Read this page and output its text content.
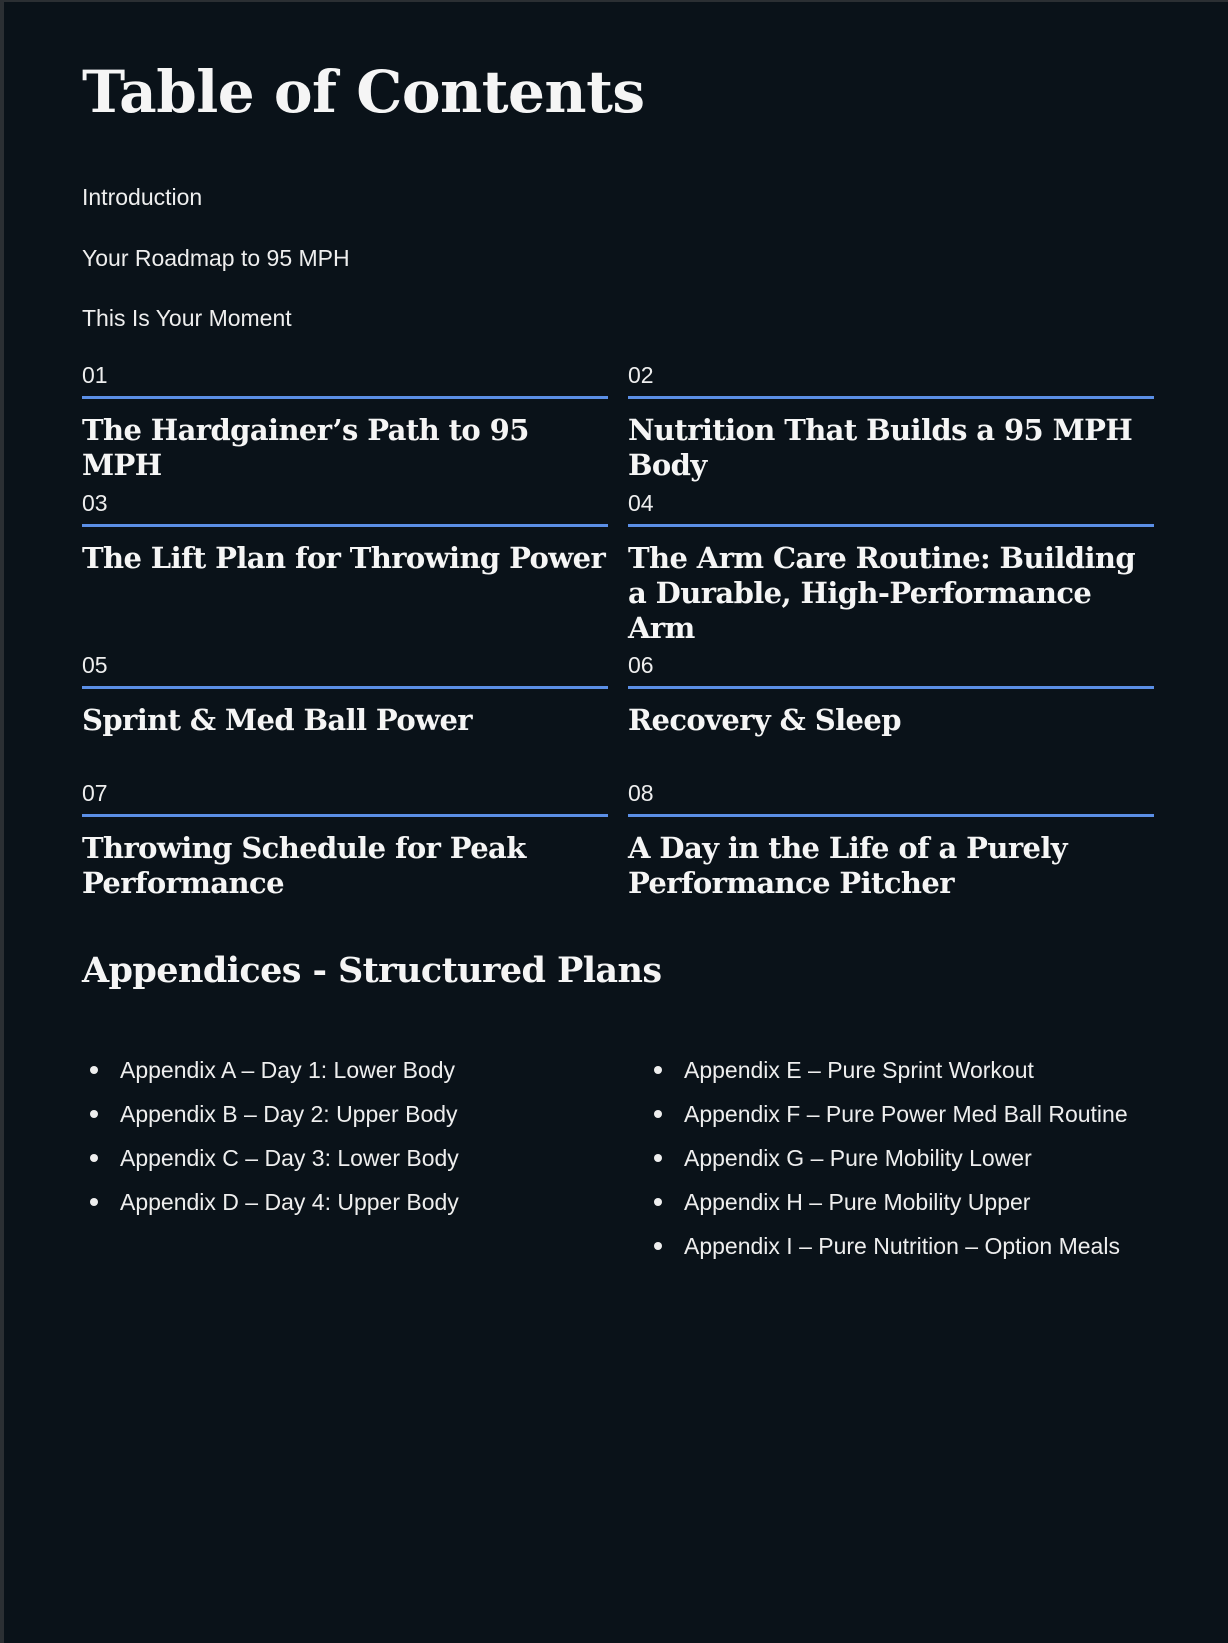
Table of Contents
Introduction
Your Roadmap to 95 MPH
This Is Your Moment
01
The Hardgainer’s Path to 95 MPH
02
Nutrition That Builds a 95 MPH Body
03
The Lift Plan for Throwing Power
04
The Arm Care Routine: Building a Durable, High-Performance Arm
05
Sprint & Med Ball Power
06
Recovery & Sleep
07
Throwing Schedule for Peak Performance
08
A Day in the Life of a Purely Performance Pitcher
Appendices - Structured Plans
Appendix A – Day 1: Lower Body
Appendix B – Day 2: Upper Body
Appendix C – Day 3: Lower Body
Appendix D – Day 4: Upper Body
Appendix E – Pure Sprint Workout
Appendix F – Pure Power Med Ball Routine
Appendix G – Pure Mobility Lower
Appendix H – Pure Mobility Upper
Appendix I – Pure Nutrition – Option Meals
